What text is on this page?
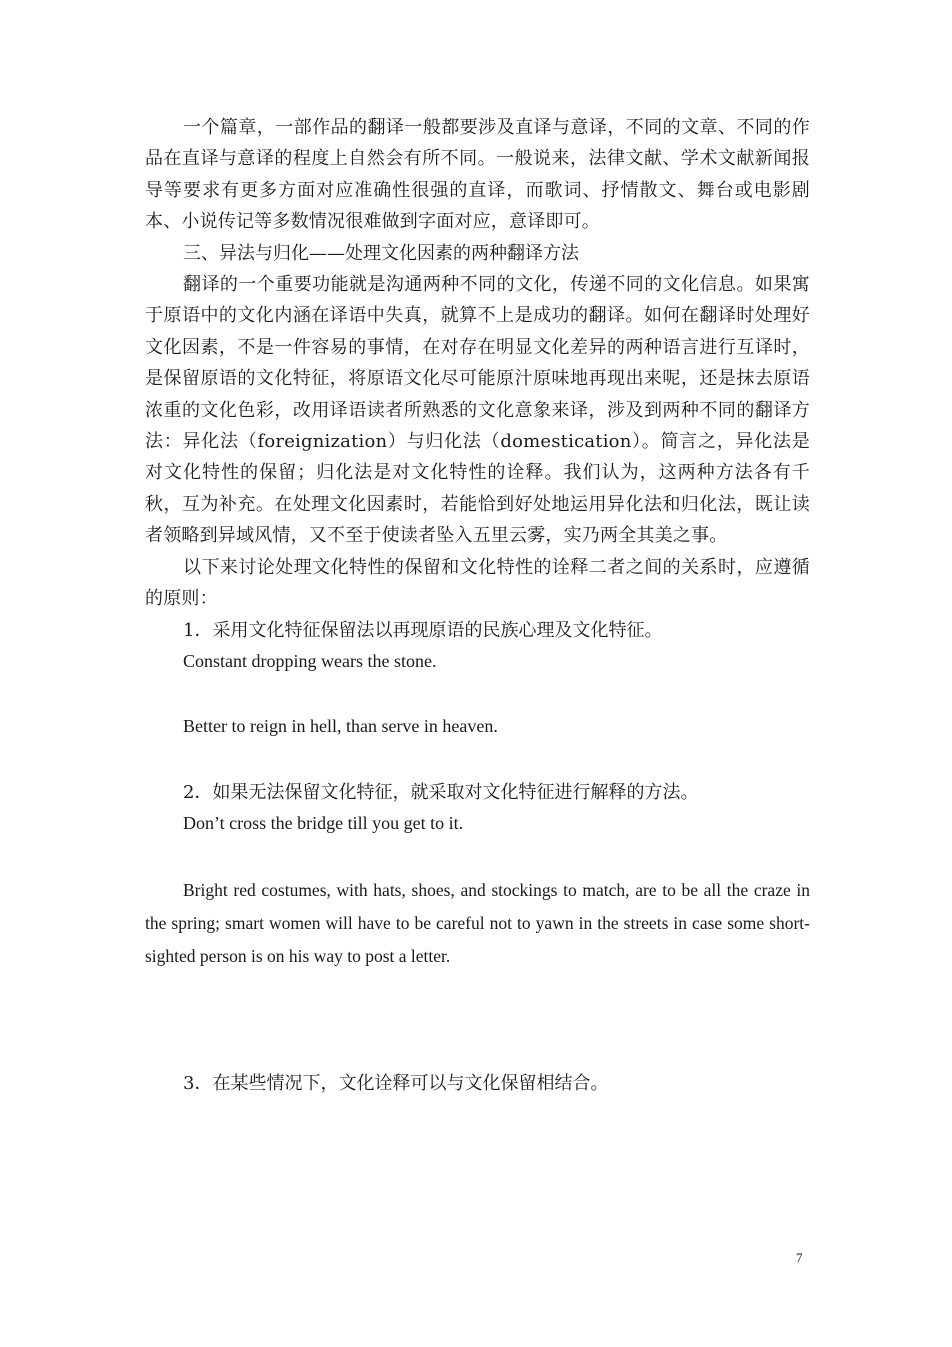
一个篇章，一部作品的翻译一般都要涉及直译与意译，不同的文章、不同的作品在直译与意译的程度上自然会有所不同。一般说来，法律文献、学术文献新闻报导等要求有更多方面对应准确性很强的直译，而歌词、抒情散文、舞台或电影剧本、小说传记等多数情况很难做到字面对应，意译即可。

三、异法与归化——处理文化因素的两种翻译方法

翻译的一个重要功能就是沟通两种不同的文化，传递不同的文化信息。如果寓于原语中的文化内涵在译语中失真，就算不上是成功的翻译。如何在翻译时处理好文化因素，不是一件容易的事情，在对存在明显文化差异的两种语言进行互译时，是保留原语的文化特征，将原语文化尽可能原汁原味地再现出来呢，还是抹去原语浓重的文化色彩，改用译语读者所熟悉的文化意象来译，涉及到两种不同的翻译方法：异化法（foreignization）与归化法（domestication）。简言之，异化法是对文化特性的保留；归化法是对文化特性的诠释。我们认为，这两种方法各有千秋，互为补充。在处理文化因素时，若能恰到好处地运用异化法和归化法，既让读者领略到异域风情，又不至于使读者坠入五里云雾，实乃两全其美之事。

以下来讨论处理文化特性的保留和文化特性的诠释二者之间的关系时，应遵循的原则：

1．采用文化特征保留法以再现原语的民族心理及文化特征。

Constant dropping wears the stone.

Better to reign in hell, than serve in heaven.

2．如果无法保留文化特征，就采取对文化特征进行解释的方法。

Don’t cross the bridge till you get to it.

Bright red costumes, with hats, shoes, and stockings to match, are to be all the craze in the spring; smart women will have to be careful not to yawn in the streets in case some short-sighted person is on his way to post a letter.

3．在某些情况下，文化诠释可以与文化保留相结合。

7
